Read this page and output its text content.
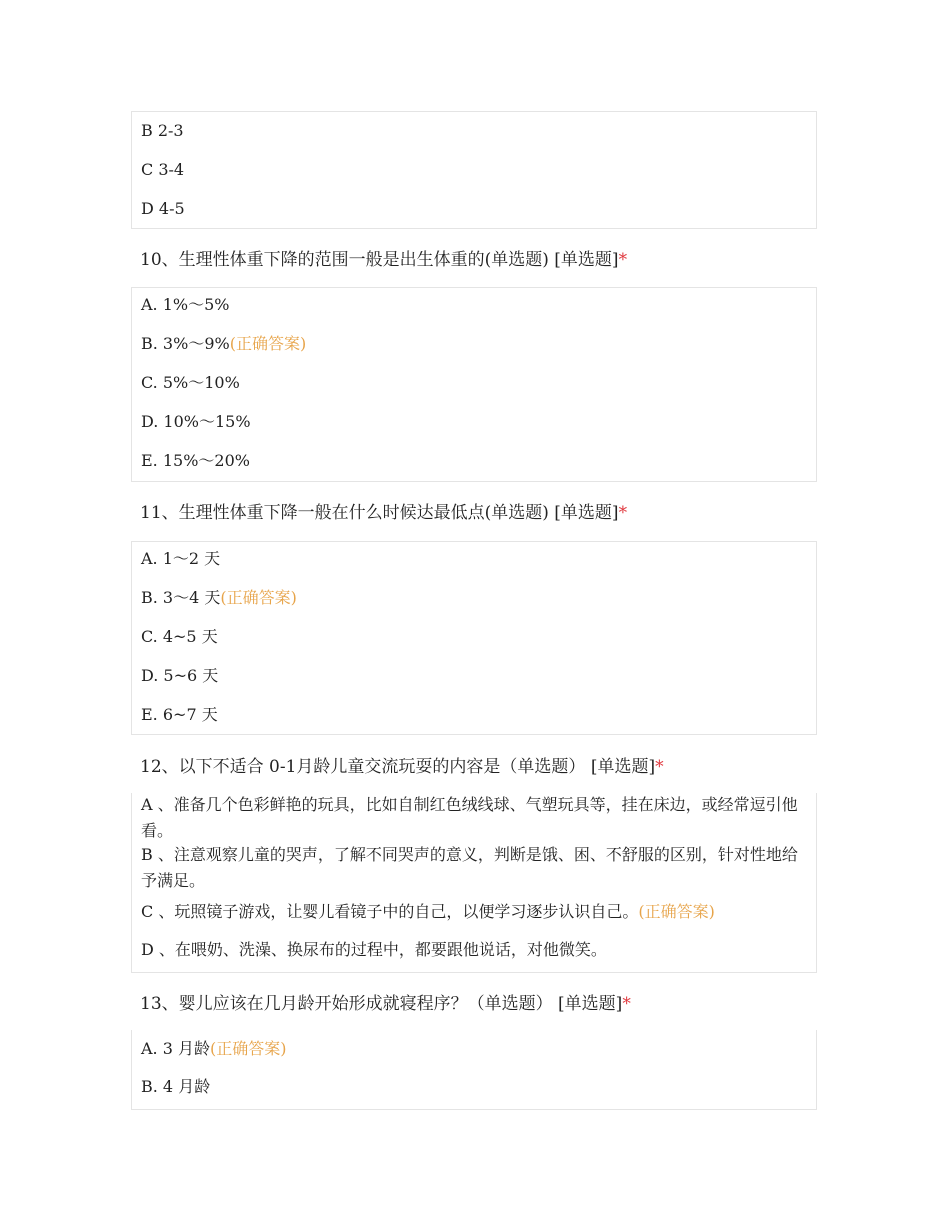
B 2-3
C 3-4
D 4-5
10、生理性体重下降的范围一般是出生体重的(单选题) [单选题]*
A. 1%～5%
B. 3%～9%(正确答案)
C. 5%～10%
D. 10%～15%
E. 15%～20%
11、生理性体重下降一般在什么时候达最低点(单选题) [单选题]*
A. 1～2 天
B. 3～4 天(正确答案)
C. 4~5 天
D. 5~6 天
E. 6~7 天
12、以下不适合 0-1月龄儿童交流玩耍的内容是（单选题） [单选题]*
A 、准备几个色彩鲜艳的玩具，比如自制红色绒线球、气塑玩具等，挂在床边，或经常逗引他看。
B 、注意观察儿童的哭声，了解不同哭声的意义，判断是饿、困、不舒服的区别，针对性地给予满足。
C 、玩照镜子游戏，让婴儿看镜子中的自己，以便学习逐步认识自己。(正确答案)
D 、在喂奶、洗澡、换尿布的过程中，都要跟他说话，对他微笑。
13、婴儿应该在几月龄开始形成就寝程序？（单选题） [单选题]*
A. 3 月龄(正确答案)
B. 4 月龄
